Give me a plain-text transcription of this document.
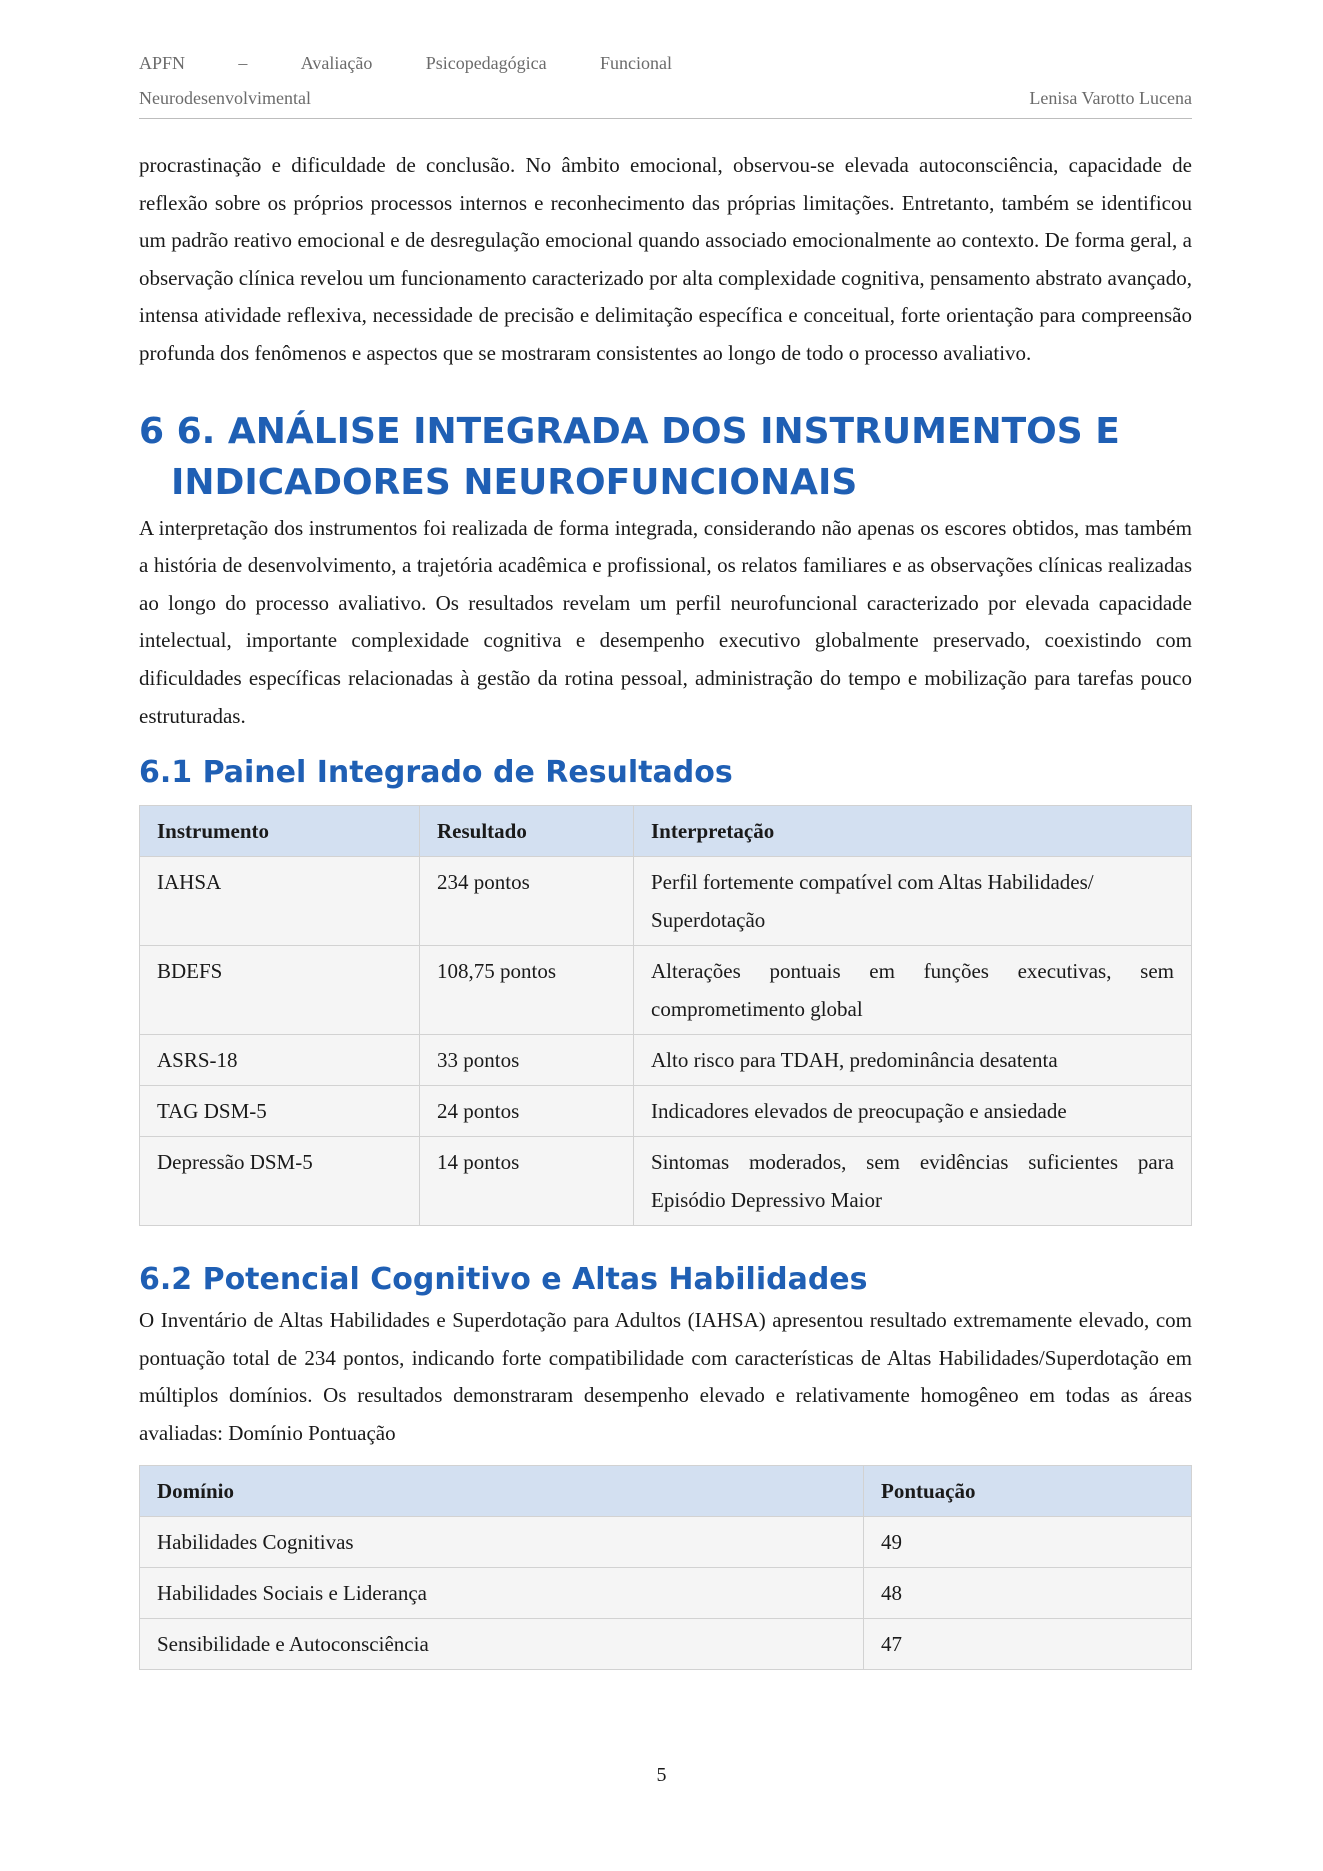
APFN	–	Avaliação	Psicopedagógica	Funcional
Neurodesenvolvimental	Lenisa Varotto Lucena

procrastinação e dificuldade de conclusão. No âmbito emocional, observou-se elevada autoconsciência, capacidade de reflexão sobre os próprios processos internos e reconhecimento das próprias limitações. Entretanto, também se identificou um padrão reativo emocional e de desregulação emocional quando associado emocionalmente ao contexto. De forma geral, a observação clínica revelou um funcionamento caracterizado por alta complexidade cognitiva, pensamento abstrato avançado, intensa atividade reflexiva, necessidade de precisão e delimitação específica e conceitual, forte orientação para compreensão profunda dos fenômenos e aspectos que se mostraram consistentes ao longo de todo o processo avaliativo.

6 6. ANÁLISE INTEGRADA DOS INSTRUMENTOS E INDICADORES NEUROFUNCIONAIS

A interpretação dos instrumentos foi realizada de forma integrada, considerando não apenas os escores obtidos, mas também a história de desenvolvimento, a trajetória acadêmica e profissional, os relatos familiares e as observações clínicas realizadas ao longo do processo avaliativo. Os resultados revelam um perfil neurofuncional caracterizado por elevada capacidade intelectual, importante complexidade cognitiva e desempenho executivo globalmente preservado, coexistindo com dificuldades específicas relacionadas à gestão da rotina pessoal, administração do tempo e mobilização para tarefas pouco estruturadas.

6.1 Painel Integrado de Resultados
Instrumento	Resultado	Interpretação
IAHSA	234 pontos	Perfil fortemente compatível com Altas Habilidades/ Superdotação
BDEFS	108,75 pontos	Alterações pontuais em funções executivas, sem comprometimento global
ASRS-18	33 pontos	Alto risco para TDAH, predominância desatenta
TAG DSM-5	24 pontos	Indicadores elevados de preocupação e ansiedade
Depressão DSM-5	14 pontos	Sintomas moderados, sem evidências suficientes para Episódio Depressivo Maior
6.2 Potencial Cognitivo e Altas Habilidades

O Inventário de Altas Habilidades e Superdotação para Adultos (IAHSA) apresentou resultado extremamente elevado, com pontuação total de 234 pontos, indicando forte compatibilidade com características de Altas Habilidades/Superdotação em múltiplos domínios. Os resultados demonstraram desempenho elevado e relativamente homogêneo em todas as áreas avaliadas: Domínio Pontuação

Domínio	Pontuação
Habilidades Cognitivas	49
Habilidades Sociais e Liderança	48
Sensibilidade e Autoconsciência	47
5
